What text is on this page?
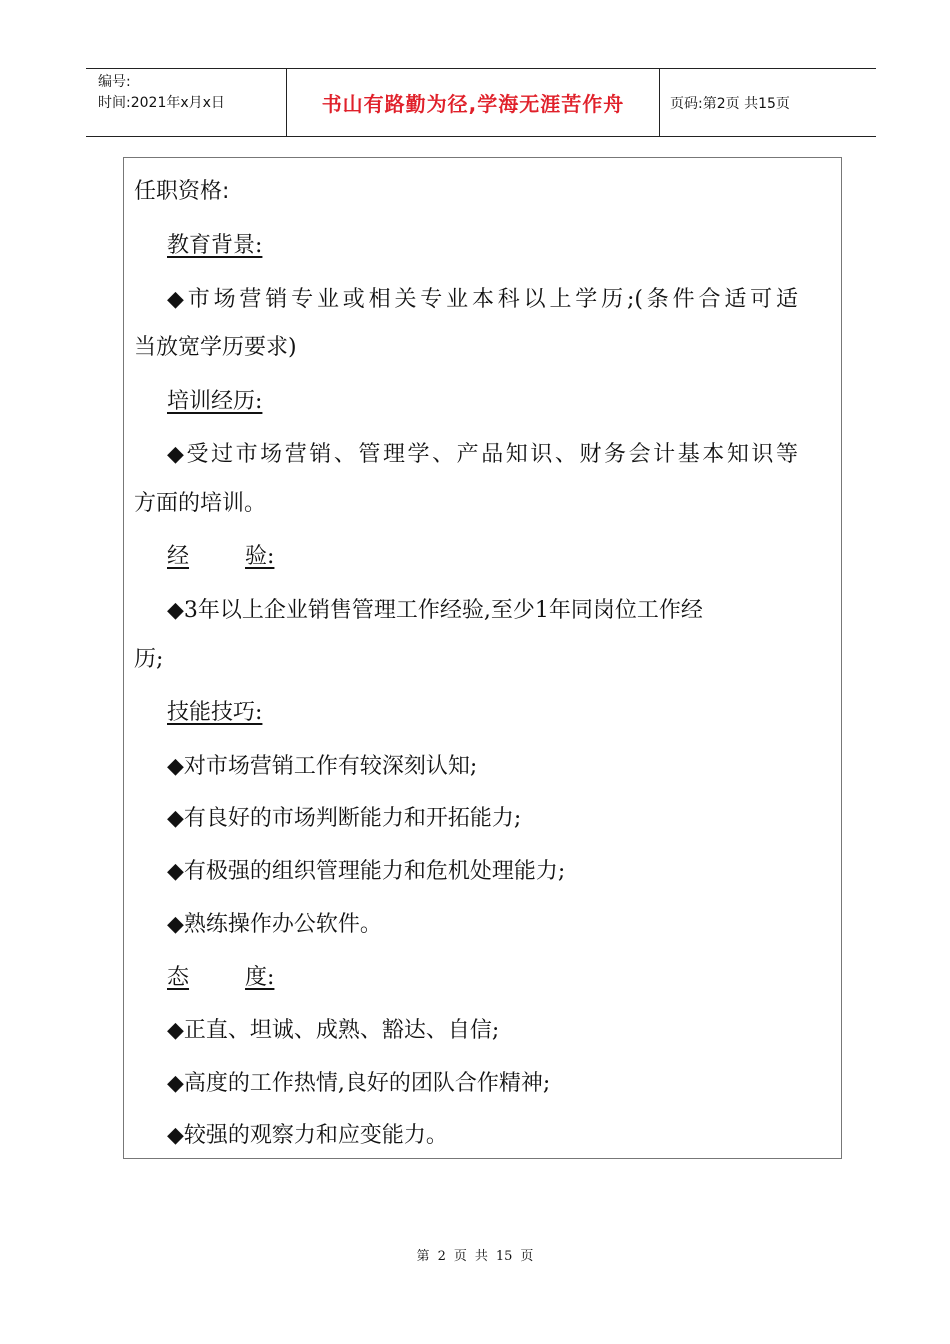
编号:
时间:2021年x月x日	书山有路勤为径,学海无涯苦作舟	页码:第2页 共15页
任职资格:
教育背景:
◆市场营销专业或相关专业本科以上学历;(条件合适可适
当放宽学历要求)
培训经历:
◆受过市场营销、管理学、产品知识、财务会计基本知识等
方面的培训。
经	验:
◆3年以上企业销售管理工作经验,至少1年同岗位工作经
历;
技能技巧:
◆对市场营销工作有较深刻认知;
◆有良好的市场判断能力和开拓能力;
◆有极强的组织管理能力和危机处理能力;
◆熟练操作办公软件。
态	度:
◆正直、坦诚、成熟、豁达、自信;
◆高度的工作热情,良好的团队合作精神;
◆较强的观察力和应变能力。
第 2 页 共 15 页
